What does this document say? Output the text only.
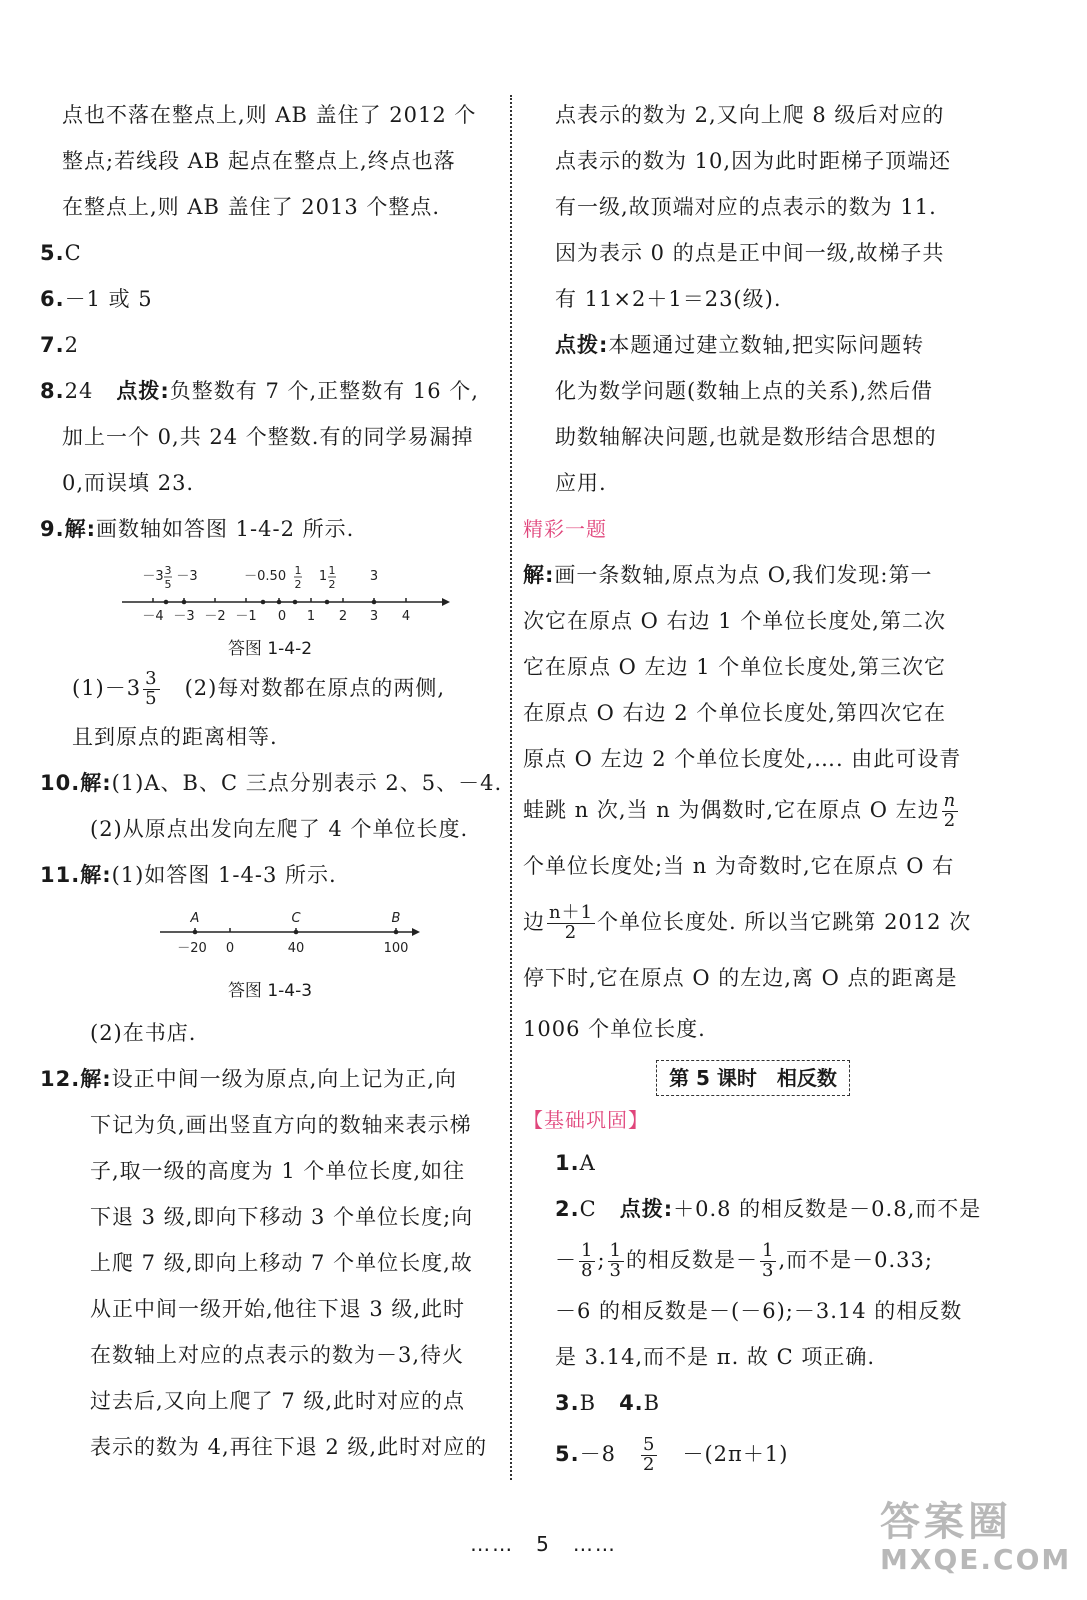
点也不落在整点上,则 AB 盖住了 2012 个
整点;若线段 AB 起点在整点上,终点也落
在整点上,则 AB 盖住了 2013 个整点.
5.C
6.－1 或 5
7.2
8.24 点拨:负整数有 7 个,正整数有 16 个,
加上一个 0,共 24 个整数.有的同学易漏掉
0,而误填 23.
9.解:画数轴如答图 1-4-2 所示.
－3 3
5
－3	－0.5 0 1
2
1 1
2
3
－4 －3 －2 －1 0 1 2 3 4
答图 1-4-2
$(1)-3 \frac{3}{5} (2)$每对数都在原点的两侧,
且到原点的距离相等.
10.解:(1)A、B、C 三点分别表示 2、5、－4.
(2)从原点出发向左爬了 4 个单位长度.
11.解:(1)如答图 1-4-3 所示.
A	C	B
－20 0	40	100
答图 1-4-3
(2)在书店.
12.解:设正中间一级为原点,向上记为正,向
下记为负,画出竖直方向的数轴来表示梯
子,取一级的高度为 1 个单位长度,如往
下退 3 级,即向下移动 3 个单位长度;向
上爬 7 级,即向上移动 7 个单位长度,故
从正中间一级开始,他往下退 3 级,此时
在数轴上对应的点表示的数为－3,待火
过去后,又向上爬了 7 级,此时对应的点
表示的数为 4,再往下退 2 级,此时对应的
点表示的数为 2,又向上爬 8 级后对应的
点表示的数为 10,因为此时距梯子顶端还
有一级,故顶端对应的点表示的数为 11.
因为表示 0 的点是正中间一级,故梯子共
有 11×2＋1＝23(级).
点拨:本题通过建立数轴,把实际问题转
化为数学问题(数轴上点的关系),然后借
助数轴解决问题,也就是数形结合思想的
应用.
精彩一题
解:画一条数轴,原点为点 O,我们发现:第一
次它在原点 O 右边 1 个单位长度处,第二次
它在原点 O 左边 1 个单位长度处,第三次它
在原点 O 右边 2 个单位长度处,第四次它在
原点 O 左边 2 个单位长度处,…. 由此可设青
蛙跳 n 次,当 n 为偶数时,它在原点 O 左边 $\frac{n}{2}$
个单位长度处;当 n 为奇数时,它在原点 O 右
边 $\frac{n+1}{2}$ 个单位长度处. 所以当它跳第 2012 次
停下时,它在原点 O 的左边,离 O 点的距离是
1006 个单位长度.
第 5 课时　相反数
【基础巩固】
1.A
2.C 点拨:＋0.8 的相反数是－0.8,而不是
－ $\frac{1}{8}$ ; $\frac{1}{3}$ 的相反数是－ $\frac{1}{3}$ ,而不是－0.33;
－6 的相反数是－(－6);－3.14 的相反数
是 3.14,而不是 π. 故 C 项正确.
3.B 4.B
$5.-8 \frac{5}{2} -(2\pi+1)$
……　5　……	答案圈
MXQE.COM
